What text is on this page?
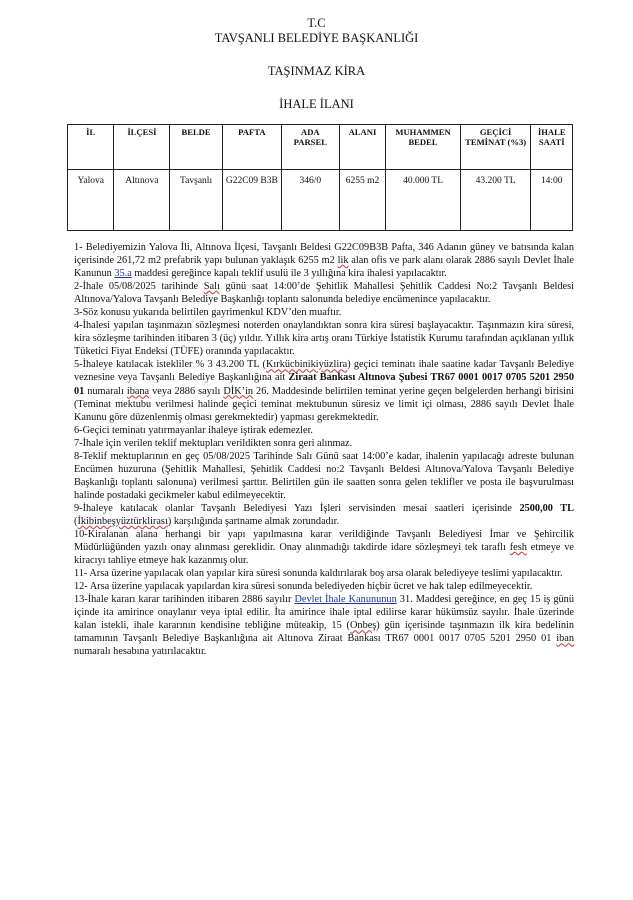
T.C
TAVŞANLI BELEDİYE BAŞKANLIĞI
TAŞINMAZ KİRA
İHALE İLANI
İL	İLÇESİ	BELDE	PAFTA	ADA PARSEL	ALANI	MUHAMMEN BEDEL	GEÇİCİ TEMİNAT (%3)	İHALE SAATİ
Yalova	Altınova	Tavşanlı	G22C09 B3B	346/0	6255 m2	40.000 TL	43.200 TL	14:00

1- Belediyemizin Yalova İli, Altınova İlçesi, Tavşanlı Beldesi G22C09B3B Pafta, 346 Adanın güney ve batısında kalan içerisinde 261,72 m2 prefabrik yapı bulunan yaklaşık 6255 m2 lik alan ofis ve park alanı olarak 2886 sayılı Devlet İhale Kanunun 35.a maddesi gereğince kapalı teklif usulü ile 3 yıllığına kira ihalesi yapılacaktır.

2-İhale 05/08/2025 tarihinde Salı günü saat 14:00’de Şehitlik Mahallesi Şehitlik Caddesi No:2 Tavşanlı Beldesi Altınova/Yalova Tavşanlı Belediye Başkanlığı toplantı salonunda belediye encümenince yapılacaktır.

3-Söz konusu yukarıda belirtilen gayrimenkul KDV’den muaftır.

4-İhalesi yapılan taşınmazın sözleşmesi noterden onaylandıktan sonra kira süresi başlayacaktır. Taşınmazın kira süresi, kira sözleşme tarihinden itibaren 3 (üç) yıldır. Yıllık kira artış oranı Türkiye İstatistik Kurumu tarafından açıklanan yıllık Tüketici Fiyat Endeksi (TÜFE) oranında yapılacaktır.

5-İhaleye katılacak istekliler % 3 43.200 TL (Kırkücbinikiyüzlira) geçici teminatı ihale saatine kadar Tavşanlı Belediye veznesine veya Tavşanlı Belediye Başkanlığına ait Ziraat Bankası Altınova Şubesi TR67 0001 0017 0705 5201 2950 01 numaralı ibana veya 2886 sayılı DİK’in 26. Maddesinde belirtilen teminat yerine geçen belgelerden herhangi birisini (Teminat mektubu verilmesi halinde geçici teminat mektubunun süresiz ve limit içi olması, 2886 sayılı Devlet İhale Kanunu göre düzenlenmiş olması gerekmektedir) yapması gerekmektedir.

6-Geçici teminatı yatırmayanlar ihaleye iştirak edemezler.

7-İhale için verilen teklif mektupları verildikten sonra geri alınmaz.

8-Teklif mektuplarının en geç 05/08/2025 Tarihinde Salı Günü saat 14:00’e kadar, ihalenin yapılacağı adreste bulunan Encümen huzuruna (Şehitlik Mahallesi, Şehitlik Caddesi no:2 Tavşanlı Beldesi Altınova/Yalova Tavşanlı Belediye Başkanlığı toplantı salonuna) verilmesi şarttır. Belirtilen gün ile saatten sonra gelen teklifler ve posta ile başvurulması halinde postadaki gecikmeler kabul edilmeyecektir.

9-İhaleye katılacak olanlar Tavşanlı Belediyesi Yazı İşleri servisinden mesai saatleri içerisinde 2500,00 TL (İkibinbeşyüztürklirası) karşılığında şartname almak zorundadır.

10-Kiralanan alana herhangi bir yapı yapılmasına karar verildiğinde Tavşanlı Belediyesi İmar ve Şehircilik Müdürlüğünden yazılı onay alınması gereklidir. Onay alınmadığı takdirde idare sözleşmeyi tek taraflı fesh etmeye ve kiracıyı tahliye etmeye hak kazanmış olur.

11- Arsa üzerine yapılacak olan yapılar kira süresi sonunda kaldırılarak boş arsa olarak belediyeye teslimi yapılacaktır.

12- Arsa üzerine yapılacak yapılardan kira süresi sonunda belediyeden hiçbir ücret ve hak talep edilmeyecektir.

13-İhale kararı karar tarihinden itibaren 2886 sayılır Devlet İhale Kanununun 31. Maddesi gereğince, en geç 15 iş günü içinde ita amirince onaylanır veya iptal edilir. İta amirince ihale iptal edilirse karar hükümsüz sayılır. İhale üzerinde kalan istekli, ihale kararının kendisine tebliğine müteakip, 15 (Onbeş) gün içerisinde taşınmazın ilk kira bedelinin tamamının Tavşanlı Belediye Başkanlığına ait Altınova Ziraat Bankası TR67 0001 0017 0705 5201 2950 01 iban numaralı hesabına yatırılacaktır.
